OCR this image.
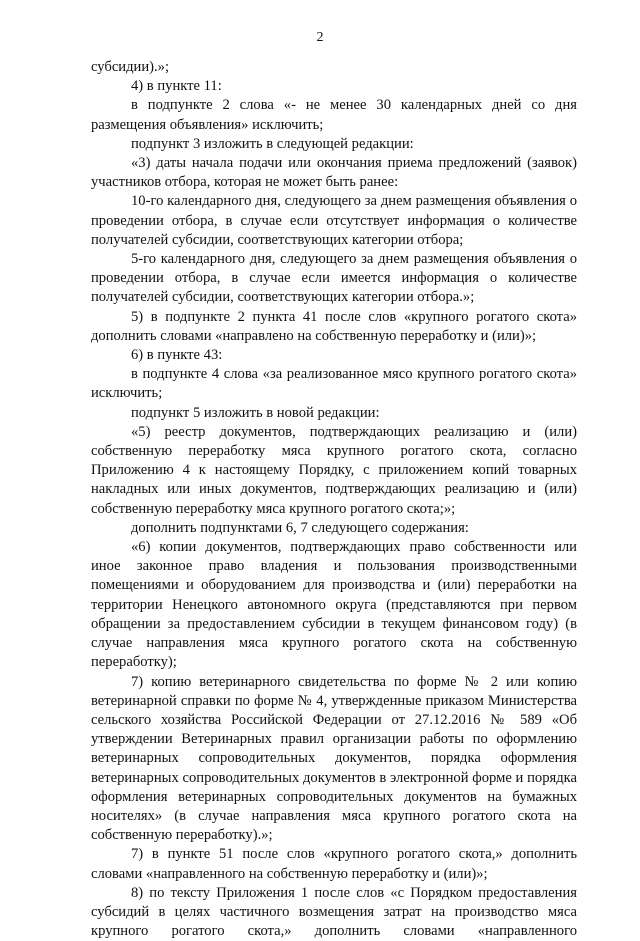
2

субсидии).»;

4) в пункте 11:

в подпункте 2 слова «- не менее 30 календарных дней со дня размещения объявления» исключить;

подпункт 3 изложить в следующей редакции:

«3) даты начала подачи или окончания приема предложений (заявок) участников отбора, которая не может быть ранее:

10-го календарного дня, следующего за днем размещения объявления о проведении отбора, в случае если отсутствует информация о количестве получателей субсидии, соответствующих категории отбора;

5-го календарного дня, следующего за днем размещения объявления о проведении отбора, в случае если имеется информация о количестве получателей субсидии, соответствующих категории отбора.»;

5) в подпункте 2 пункта 41 после слов «крупного рогатого скота» дополнить словами «направлено на собственную переработку и (или)»;

6) в пункте 43:

в подпункте 4 слова «за реализованное мясо крупного рогатого скота» исключить;

подпункт 5 изложить в новой редакции:

«5) реестр документов, подтверждающих реализацию и (или) собственную переработку мяса крупного рогатого скота, согласно Приложению 4 к настоящему Порядку, с приложением копий товарных накладных или иных документов, подтверждающих реализацию и (или) собственную переработку мяса крупного рогатого скота;»;

дополнить подпунктами 6, 7 следующего содержания:

«6) копии документов, подтверждающих право собственности или иное законное право владения и пользования производственными помещениями и оборудованием для производства и (или) переработки на территории Ненецкого автономного округа (представляются при первом обращении за предоставлением субсидии в текущем финансовом году) (в случае направления мяса крупного рогатого скота на собственную переработку);

7) копию ветеринарного свидетельства по форме № 2 или копию ветеринарной справки по форме № 4, утвержденные приказом Министерства сельского хозяйства Российской Федерации от 27.12.2016 № 589 «Об утверждении Ветеринарных правил организации работы по оформлению ветеринарных сопроводительных документов, порядка оформления ветеринарных сопроводительных документов в электронной форме и порядка оформления ветеринарных сопроводительных документов на бумажных носителях» (в случае направления мяса крупного рогатого скота на собственную переработку).»;

7) в пункте 51 после слов «крупного рогатого скота,» дополнить словами «направленного на собственную переработку и (или)»;

8) по тексту Приложения 1 после слов «с Порядком предоставления субсидий в целях частичного возмещения затрат на производство мяса крупного рогатого скота,» дополнить словами «направленного
